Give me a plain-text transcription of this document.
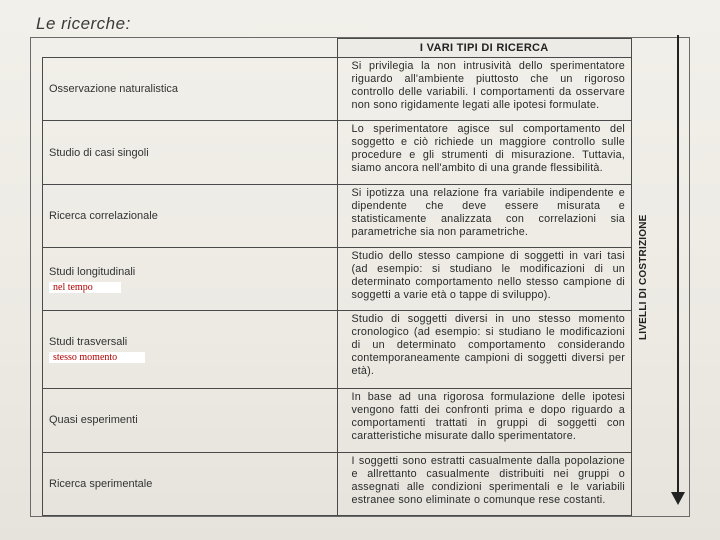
Le ricerche:
	I VARI TIPI DI RICERCA

Osservazione naturalistica	Si privilegia la non intrusività dello sperimentatore riguardo all'ambiente piuttosto che un rigoroso controllo delle variabili. I comportamenti da osservare non sono rigidamente legati alle ipotesi formulate.

Studio di casi singoli	Lo sperimentatore agisce sul comportamento del soggetto e ciò richiede un maggiore controllo sulle procedure e gli strumenti di misurazione. Tuttavia, siamo ancora nell'ambito di una grande flessibilità.

Ricerca correlazionale	Si ipotizza una relazione fra variabile indipendente e dipendente che deve essere misurata e statisticamente analizzata con correlazioni sia parametriche sia non parametriche.

Studi longitudinali
nel tempo	Studio dello stesso campione di soggetti in vari tasi (ad esempio: si studiano le modificazioni di un determinato comportamento nello stesso campione di soggetti a varie età o tappe di sviluppo).

Studi trasversali
stesso momento	Studio di soggetti diversi in uno stesso momento cronologico (ad esempio: si studiano le modificazioni di un determinato comportamento considerando contemporaneamente campioni di soggetti diversi per età).

Quasi esperimenti	In base ad una rigorosa formulazione delle ipotesi vengono fatti dei confronti prima e dopo riguardo a comportamenti trattati in gruppi di soggetti con caratteristiche misurate dallo sperimentatore.

Ricerca sperimentale	I soggetti sono estratti casualmente dalla popolazione e allrettanto casualmente distribuiti nei gruppi o assegnati alle condizioni sperimentali e le variabili estranee sono eliminate o comunque rese costanti.
LIVELLI DI COSTRIZIONE
